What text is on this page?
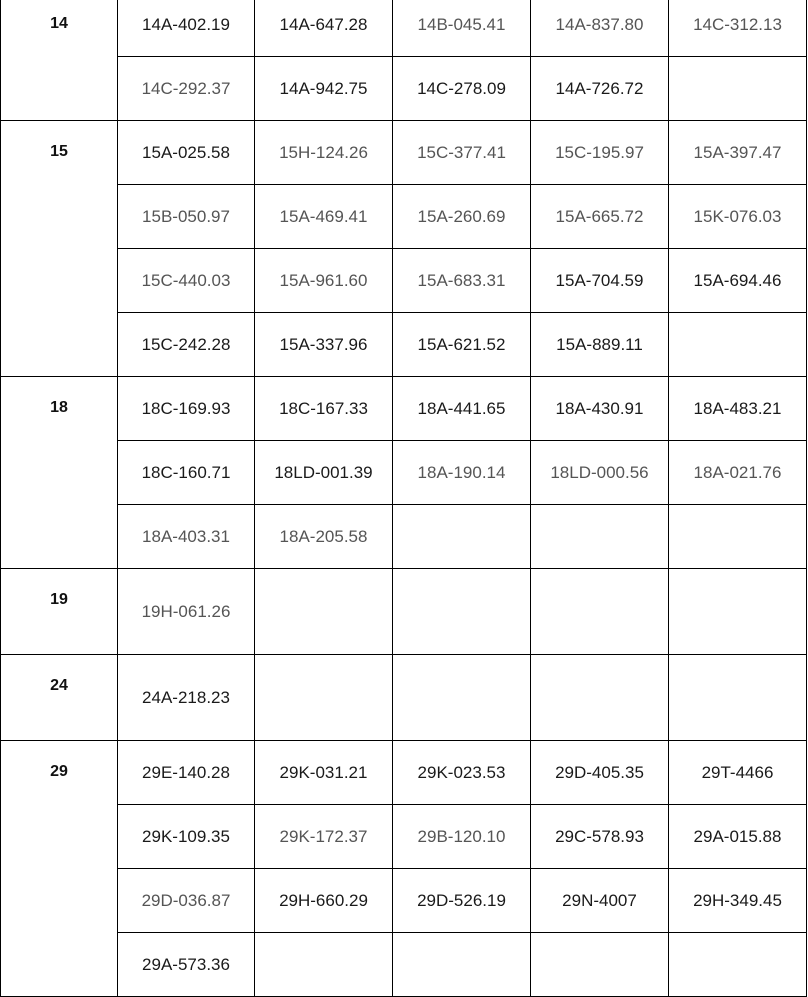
14	14A-402.19	14A-647.28	14B-045.41	14A-837.80	14C-312.13
	14C-292.37	14A-942.75	14C-278.09	14A-726.72	
15	15A-025.58	15H-124.26	15C-377.41	15C-195.97	15A-397.47
	15B-050.97	15A-469.41	15A-260.69	15A-665.72	15K-076.03
	15C-440.03	15A-961.60	15A-683.31	15A-704.59	15A-694.46
	15C-242.28	15A-337.96	15A-621.52	15A-889.11	
18	18C-169.93	18C-167.33	18A-441.65	18A-430.91	18A-483.21
	18C-160.71	18LD-001.39	18A-190.14	18LD-000.56	18A-021.76
	18A-403.31	18A-205.58			
19	19H-061.26				
24	24A-218.23				
29	29E-140.28	29K-031.21	29K-023.53	29D-405.35	29T-4466
	29K-109.35	29K-172.37	29B-120.10	29C-578.93	29A-015.88
	29D-036.87	29H-660.29	29D-526.19	29N-4007	29H-349.45
	29A-573.36				
